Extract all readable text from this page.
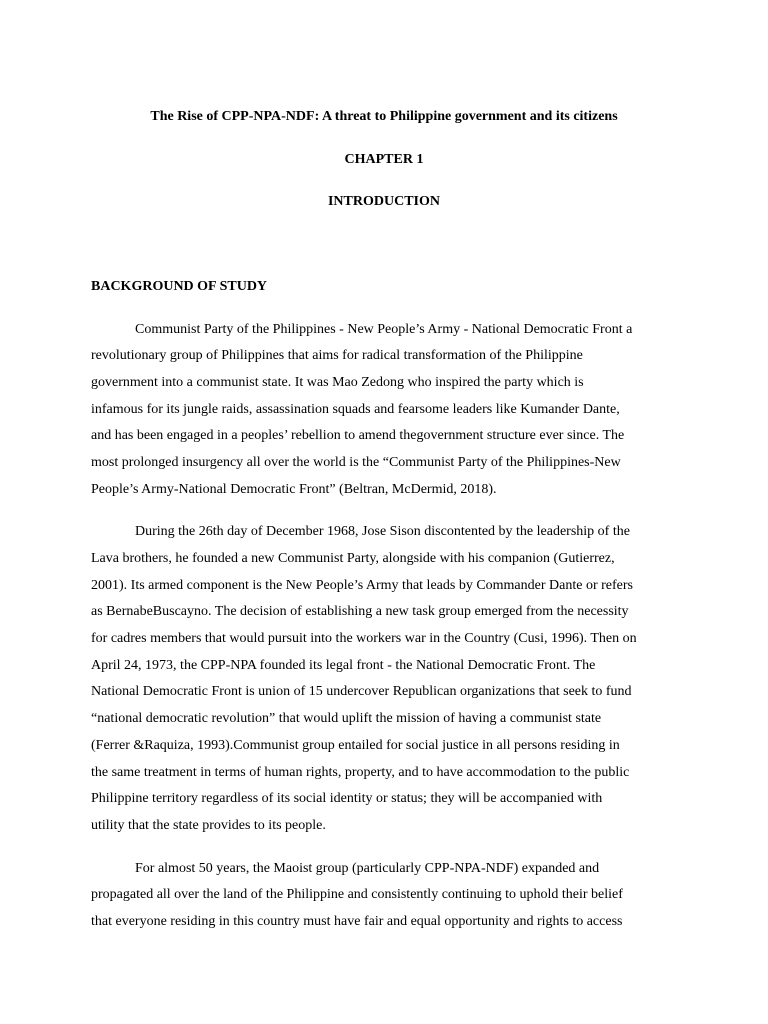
The Rise of CPP-NPA-NDF: A threat to Philippine government and its citizens
CHAPTER 1
INTRODUCTION
BACKGROUND OF STUDY
Communist Party of the Philippines - New People’s Army - National Democratic Front a
revolutionary group of Philippines that aims for radical transformation of the Philippine
government into a communist state. It was Mao Zedong who inspired the party which is
infamous for its jungle raids, assassination squads and fearsome leaders like Kumander Dante,
and has been engaged in a peoples’ rebellion to amend thegovernment structure ever since. The
most prolonged insurgency all over the world is the “Communist Party of the Philippines-New
People’s Army-National Democratic Front” (Beltran, McDermid, 2018).
During the 26th day of December 1968, Jose Sison discontented by the leadership of the
Lava brothers, he founded a new Communist Party, alongside with his companion (Gutierrez,
2001). Its armed component is the New People’s Army that leads by Commander Dante or refers
as BernabeBuscayno. The decision of establishing a new task group emerged from the necessity
for cadres members that would pursuit into the workers war in the Country (Cusi, 1996). Then on
April 24, 1973, the CPP-NPA founded its legal front - the National Democratic Front. The
National Democratic Front is union of 15 undercover Republican organizations that seek to fund
“national democratic revolution” that would uplift the mission of having a communist state
(Ferrer &Raquiza, 1993).Communist group entailed for social justice in all persons residing in
the same treatment in terms of human rights, property, and to have accommodation to the public
Philippine territory regardless of its social identity or status; they will be accompanied with
utility that the state provides to its people.
For almost 50 years, the Maoist group (particularly CPP-NPA-NDF) expanded and
propagated all over the land of the Philippine and consistently continuing to uphold their belief
that everyone residing in this country must have fair and equal opportunity and rights to access
